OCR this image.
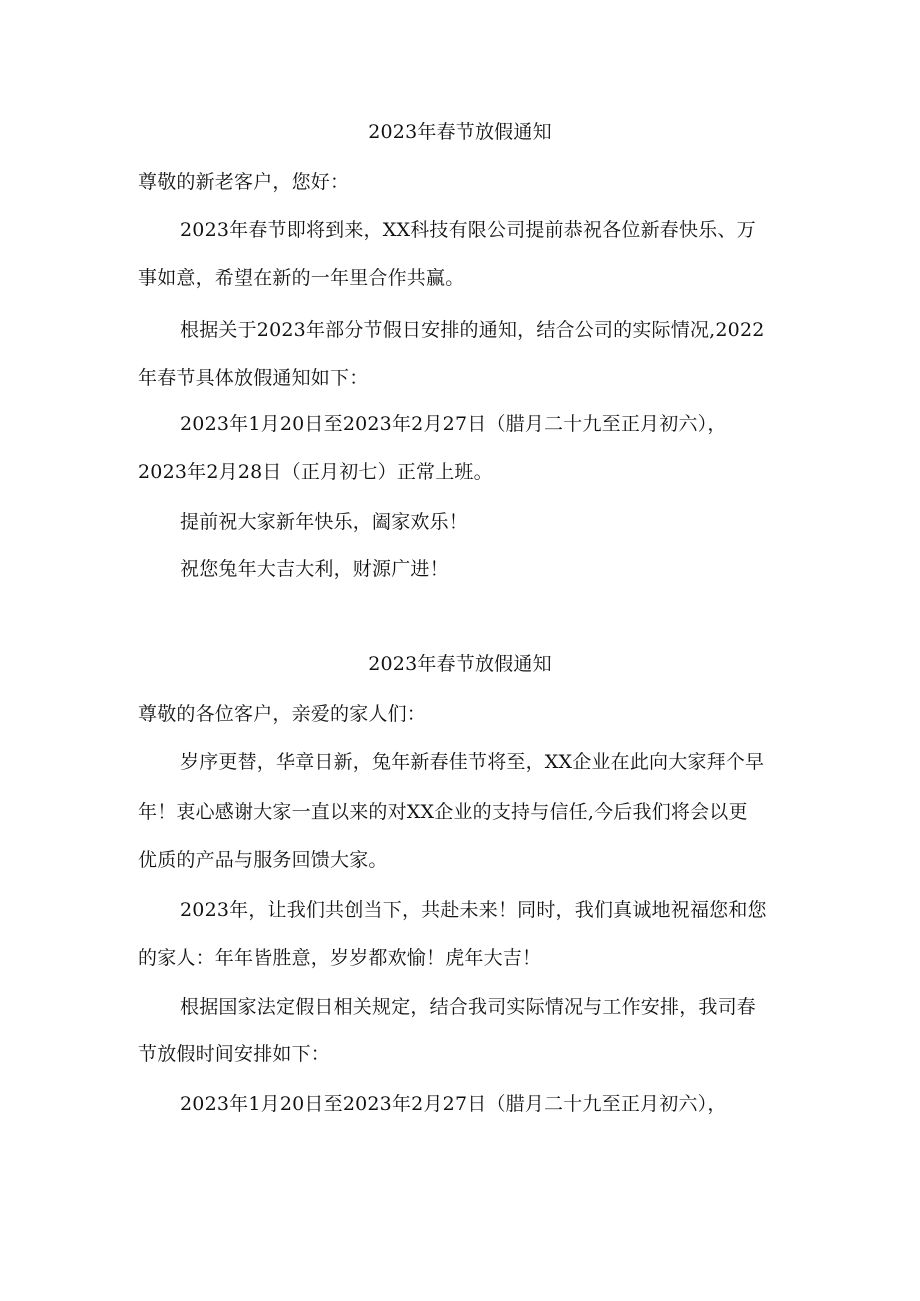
2023年春节放假通知
尊敬的新老客户，您好：
2023年春节即将到来，XX科技有限公司提前恭祝各位新春快乐、万
事如意，希望在新的一年里合作共赢。
根据关于2023年部分节假日安排的通知，结合公司的实际情况,2022
年春节具体放假通知如下：
2023年1月20日至2023年2月27日（腊月二十九至正月初六），
2023年2月28日（正月初七）正常上班。
提前祝大家新年快乐，阖家欢乐！
祝您兔年大吉大利，财源广进！
2023年春节放假通知
尊敬的各位客户，亲爱的家人们：
岁序更替，华章日新，兔年新春佳节将至，XX企业在此向大家拜个早
年！衷心感谢大家一直以来的对XX企业的支持与信任,今后我们将会以更
优质的产品与服务回馈大家。
2023年，让我们共创当下，共赴未来！同时，我们真诚地祝福您和您
的家人：年年皆胜意，岁岁都欢愉！虎年大吉！
根据国家法定假日相关规定，结合我司实际情况与工作安排，我司春
节放假时间安排如下：
2023年1月20日至2023年2月27日（腊月二十九至正月初六），
